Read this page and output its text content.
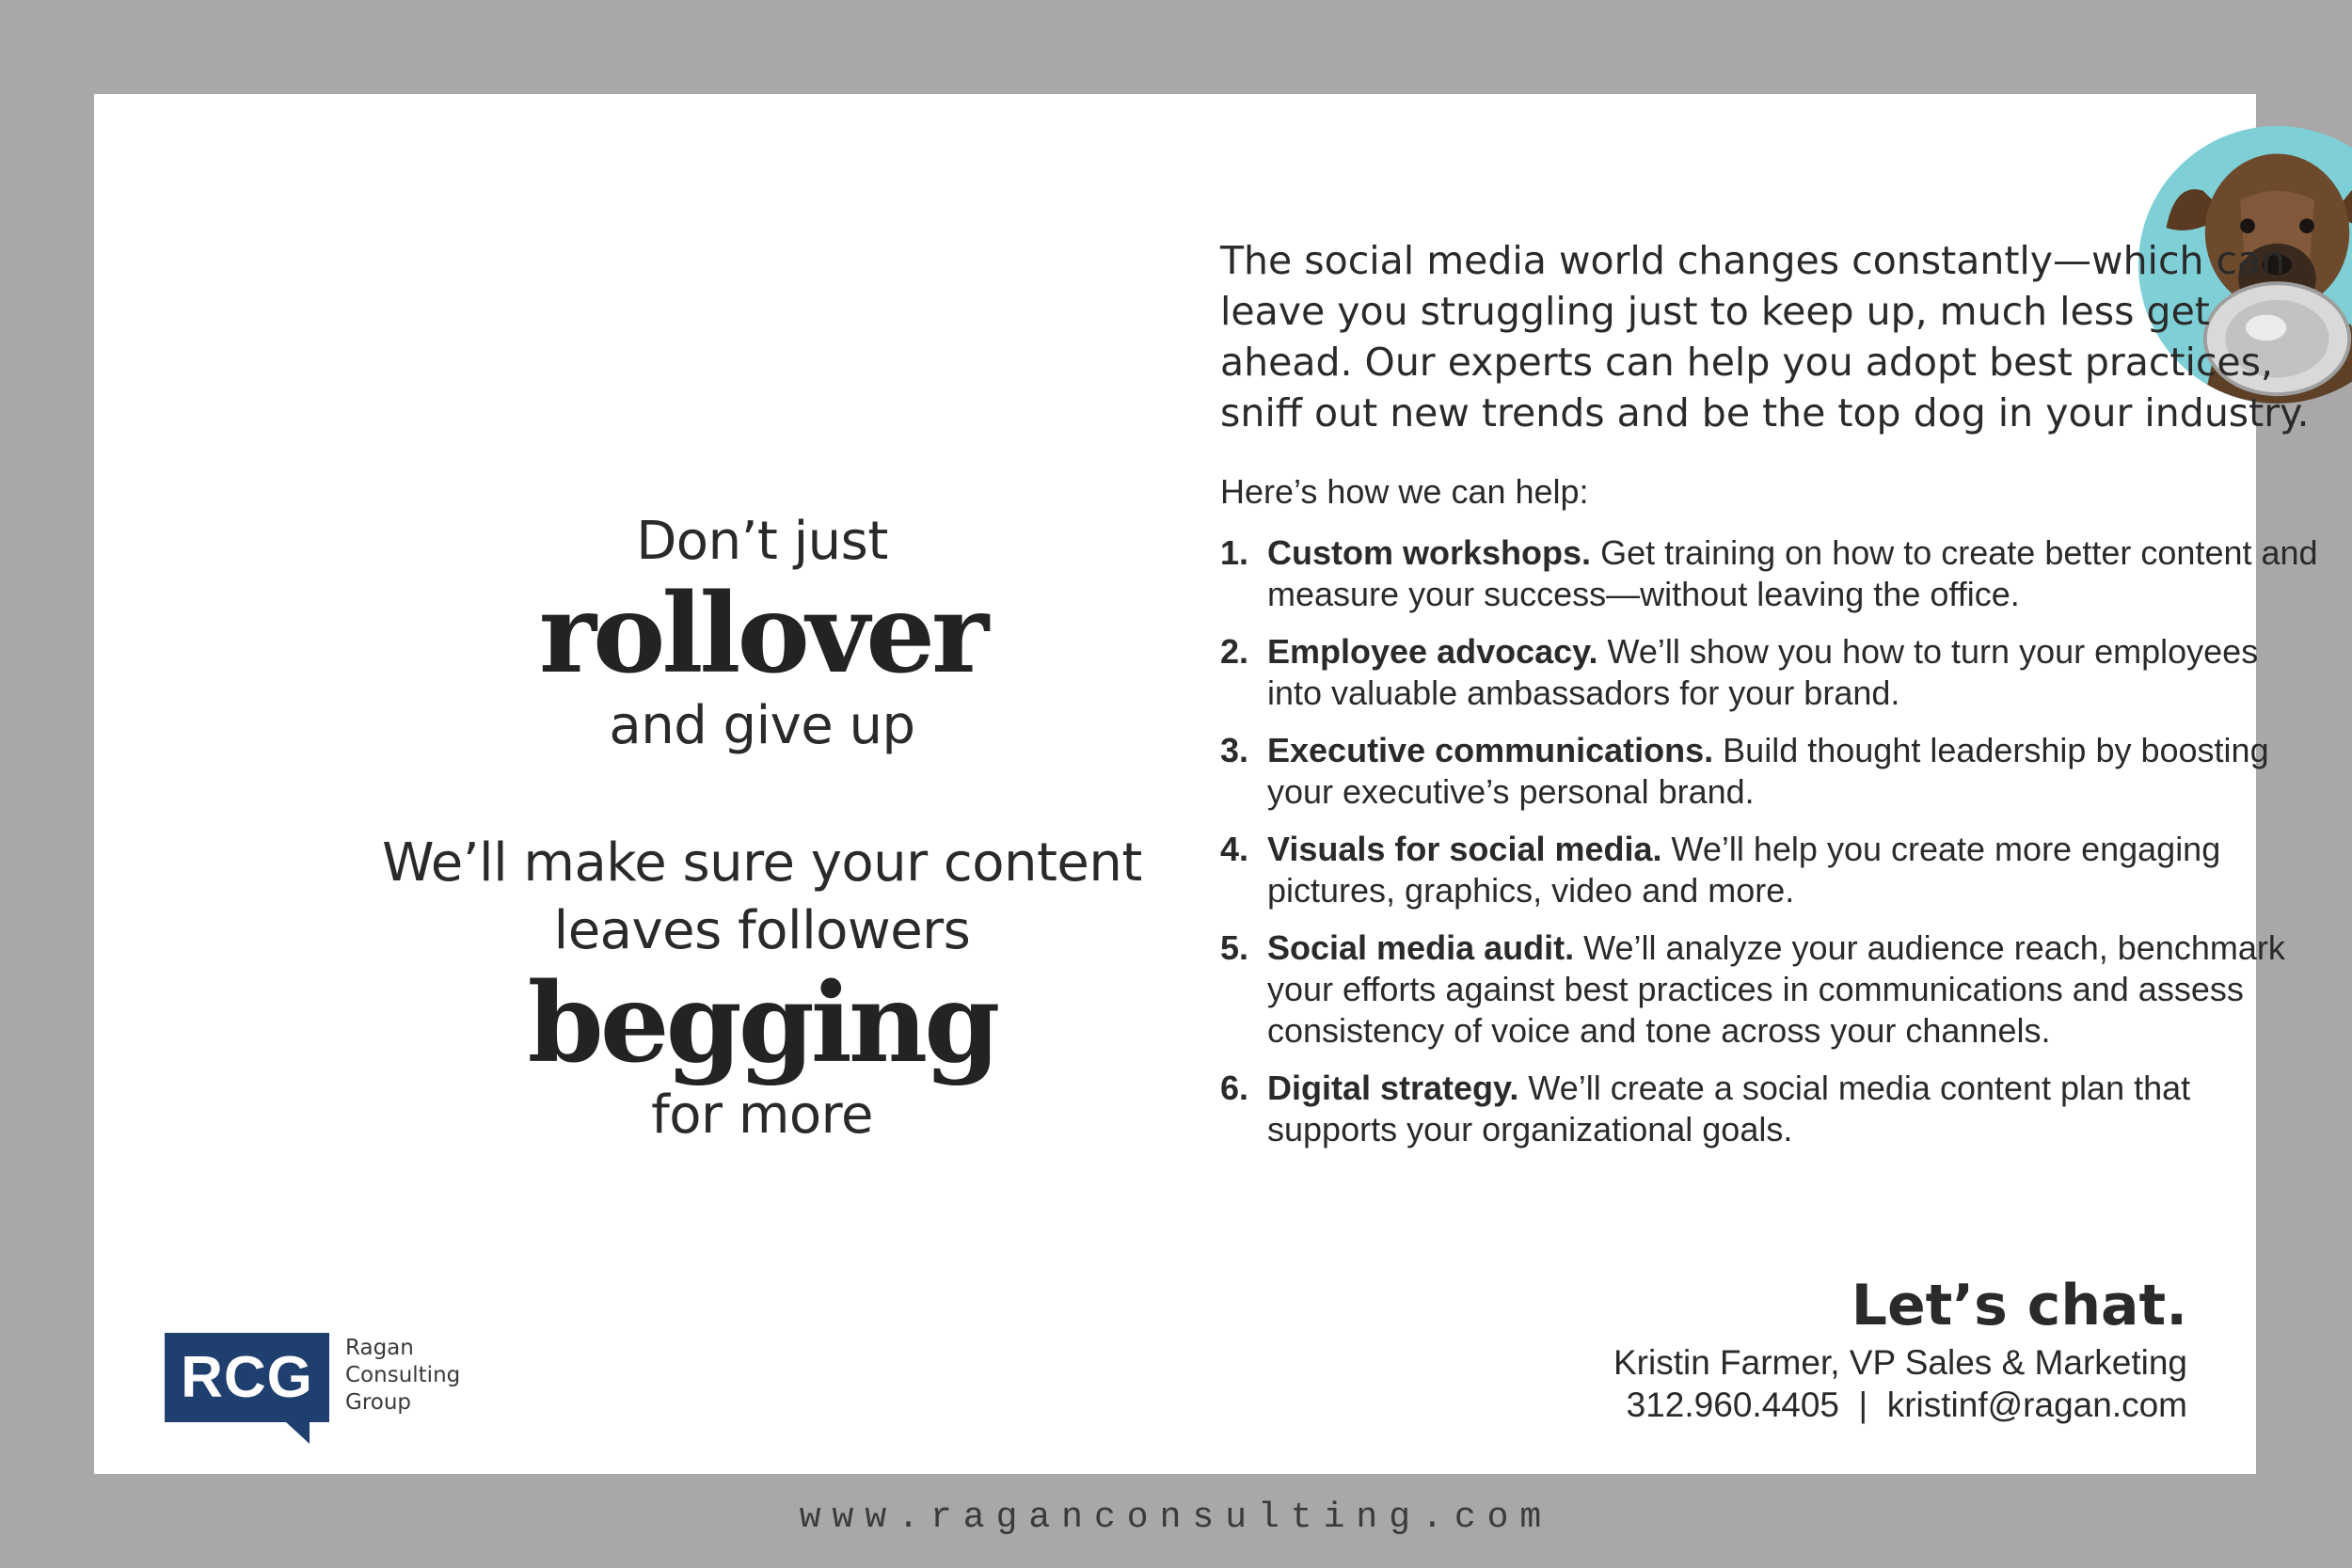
Don’t just
rollover
and give up
We’ll make sure your content
leaves followers
begging
for more

The social media world changes constantly—which can leave you struggling just to keep up, much less get ahead. Our experts can help you adopt best practices, sniff out new trends and be the top dog in your industry.

Here’s how we can help:

1. Custom workshops. Get training on how to create better content and measure your success—without leaving the office.
2. Employee advocacy. We’ll show you how to turn your employees into valuable ambassadors for your brand.
3. Executive communications. Build thought leadership by boosting your executive’s personal brand.
4. Visuals for social media. We’ll help you create more engaging pictures, graphics, video and more.
5. Social media audit. We’ll analyze your audience reach, benchmark your efforts against best practices in communications and assess consistency of voice and tone across your channels.
6. Digital strategy. We’ll create a social media content plan that supports your organizational goals.
Let’s chat.
Kristin Farmer, VP Sales & Marketing
312.960.4405  |  kristinf@ragan.com
RCG	Ragan
Consulting
Group
www.raganconsulting.com
